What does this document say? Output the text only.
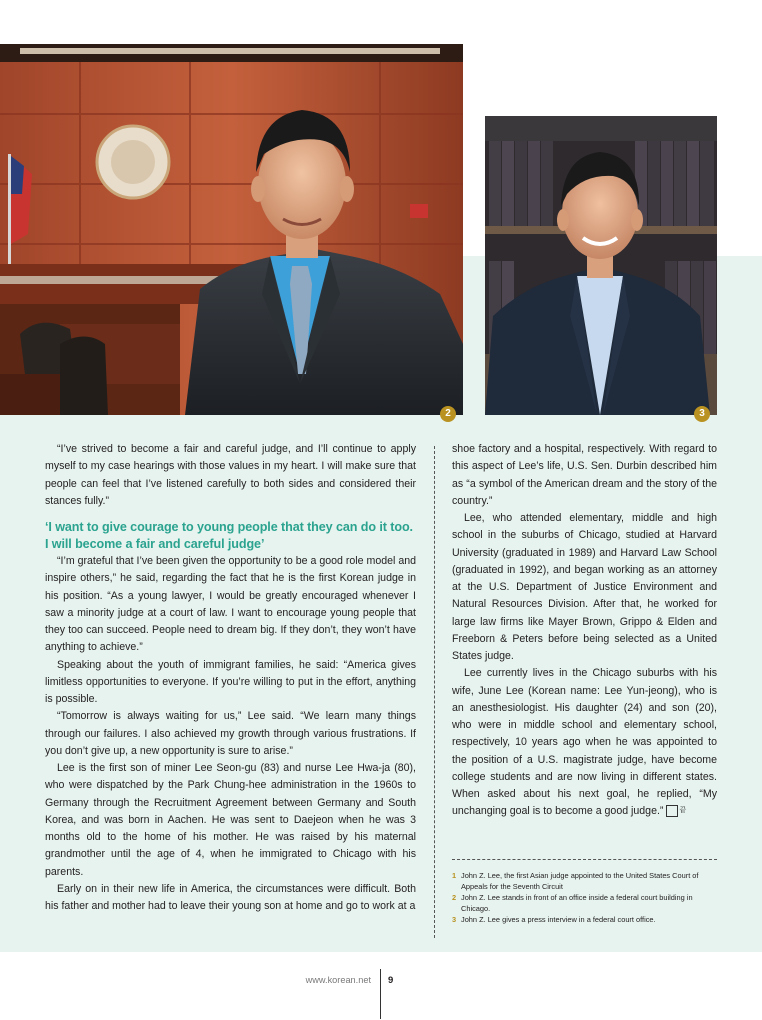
2	3

“I’ve strived to become a fair and careful judge, and I’ll continue to apply myself to my case hearings with those values in my heart. I will make sure that people can feel that I’ve listened carefully to both sides and considered their stances fully.”

‘I want to give courage to young people that they can do it too. I will become a fair and careful judge’

“I’m grateful that I’ve been given the opportunity to be a good role model and inspire others,” he said, regarding the fact that he is the first Korean judge in his position. “As a young lawyer, I would be greatly encouraged whenever I saw a minority judge at a court of law. I want to encourage young people that they too can succeed. People need to dream big. If they don’t, they won’t have anything to achieve.”

Speaking about the youth of immigrant families, he said: “America gives limitless opportunities to everyone. If you’re willing to put in the effort, anything is possible.

“Tomorrow is always waiting for us,” Lee said. “We learn many things through our failures. I also achieved my growth through various frustrations. If you don’t give up, a new opportunity is sure to arise.”

Lee is the first son of miner Lee Seon-gu (83) and nurse Lee Hwa-ja (80), who were dispatched by the Park Chung-hee administration in the 1960s to Germany through the Recruitment Agreement between Germany and South Korea, and was born in Aachen. He was sent to Daejeon when he was 3 months old to the home of his mother. He was raised by his maternal grandmother until the age of 4, when he immigrated to Chicago with his parents.

Early on in their new life in America, the circumstances were difficult. Both his father and mother had to leave their young son at home and go to work at a

shoe factory and a hospital, respectively. With regard to this aspect of Lee’s life, U.S. Sen. Durbin described him as “a symbol of the American dream and the story of the country.”

Lee, who attended elementary, middle and high school in the suburbs of Chicago, studied at Harvard University (graduated in 1989) and Harvard Law School (graduated in 1992), and began working as an attorney at the U.S. Department of Justice Environment and Natural Resources Division. After that, he worked for large law firms like Mayer Brown, Grippo & Elden and Freeborn & Peters before being selected as a United States judge.

Lee currently lives in the Chicago suburbs with his wife, June Lee (Korean name: Lee Yun-jeong), who is an anesthesiologist. His daughter (24) and son (20), who were in middle school and elementary school, respectively, 10 years ago when he was appointed to the position of a U.S. magistrate judge, have become college students and are now living in different states. When asked about his next goal, he replied, “My unchanging goal is to become a good judge.” 끝

1 John Z. Lee, the first Asian judge appointed to the United States Court of Appeals for the Seventh Circuit
2 John Z. Lee stands in front of an office inside a federal court building in Chicago.
3 John Z. Lee gives a press interview in a federal court office.
www.korean.net 9
